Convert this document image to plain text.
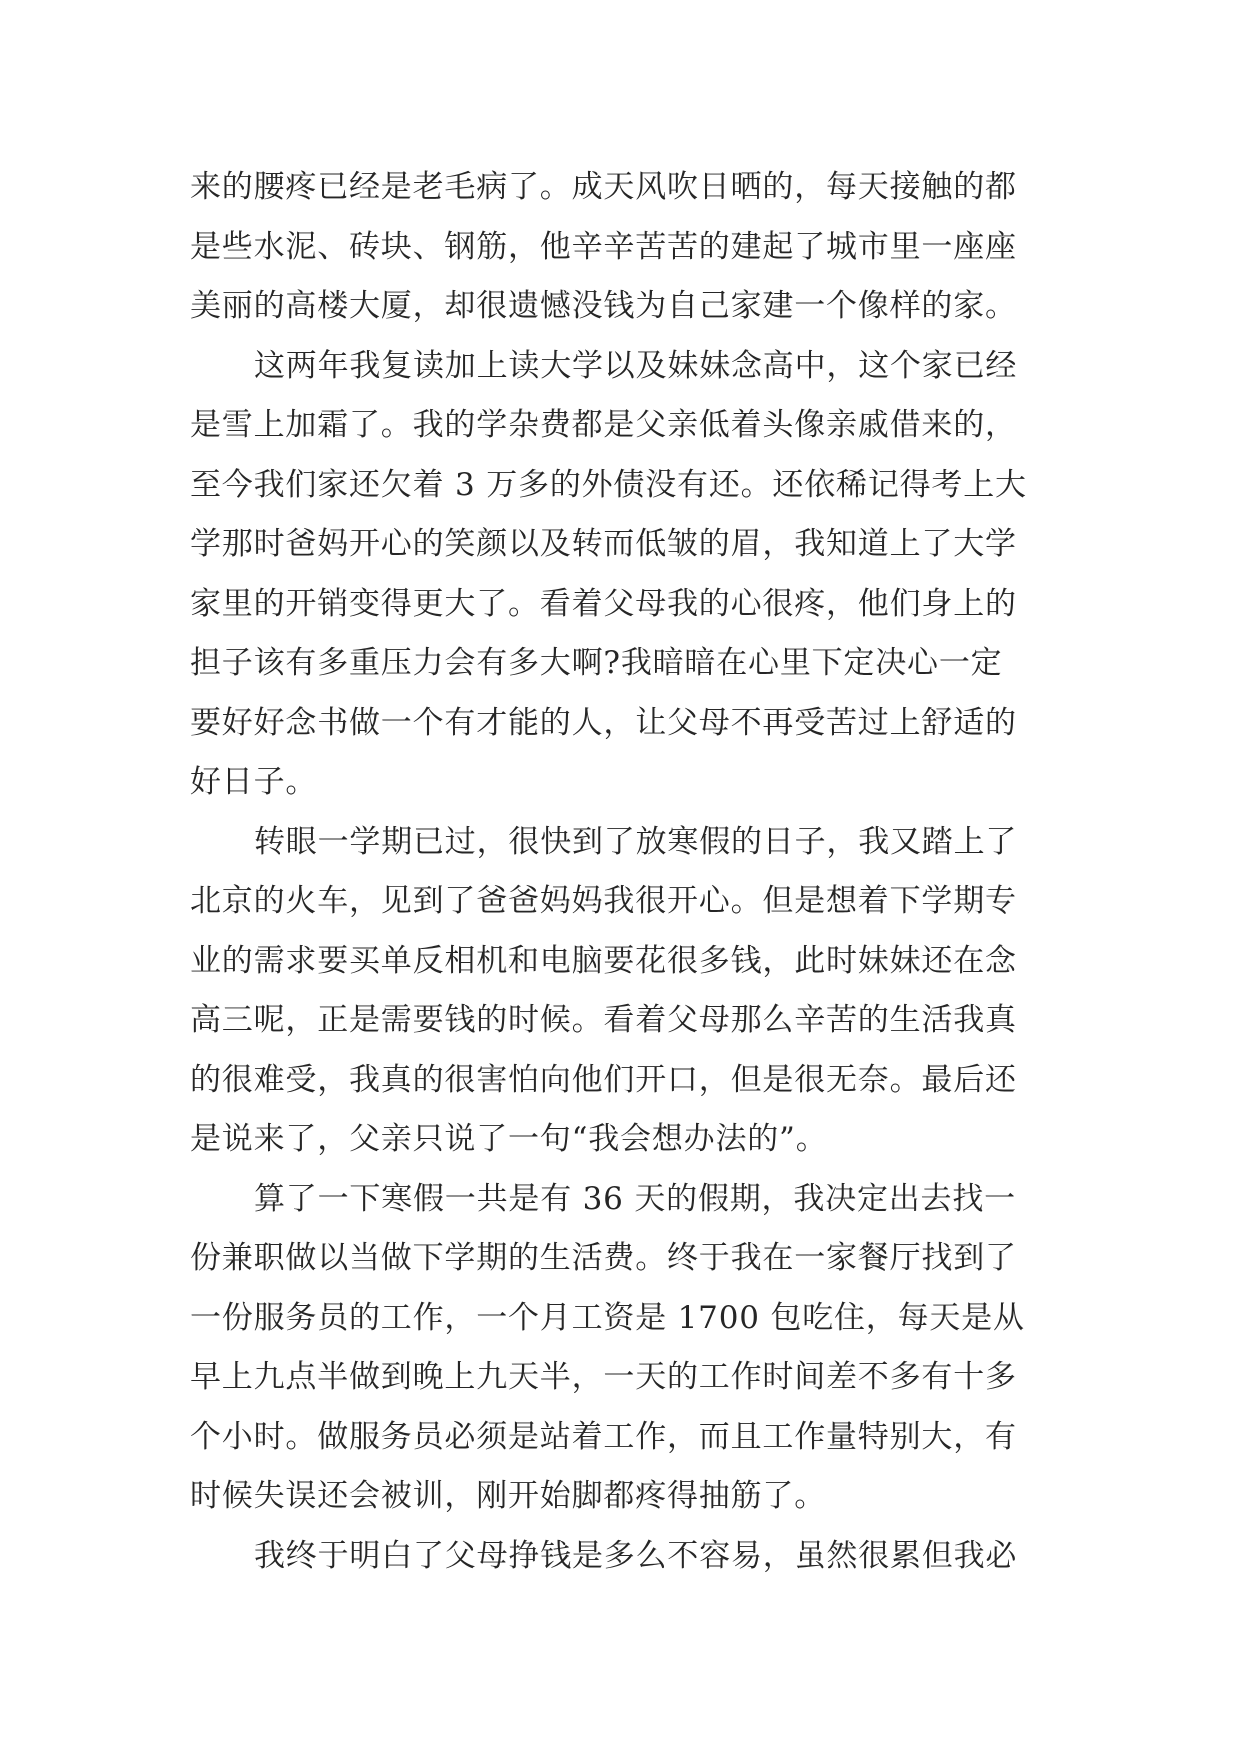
来的腰疼已经是老毛病了。成天风吹日晒的，每天接触的都
是些水泥、砖块、钢筋，他辛辛苦苦的建起了城市里一座座
美丽的高楼大厦，却很遗憾没钱为自己家建一个像样的家。
这两年我复读加上读大学以及妹妹念高中，这个家已经
是雪上加霜了。我的学杂费都是父亲低着头像亲戚借来的，
至今我们家还欠着 3 万多的外债没有还。还依稀记得考上大
学那时爸妈开心的笑颜以及转而低皱的眉，我知道上了大学
家里的开销变得更大了。看着父母我的心很疼，他们身上的
担子该有多重压力会有多大啊?我暗暗在心里下定决心一定
要好好念书做一个有才能的人，让父母不再受苦过上舒适的
好日子。
转眼一学期已过，很快到了放寒假的日子，我又踏上了
北京的火车，见到了爸爸妈妈我很开心。但是想着下学期专
业的需求要买单反相机和电脑要花很多钱，此时妹妹还在念
高三呢，正是需要钱的时候。看着父母那么辛苦的生活我真
的很难受，我真的很害怕向他们开口，但是很无奈。最后还
是说来了，父亲只说了一句“我会想办法的”。
算了一下寒假一共是有 36 天的假期，我决定出去找一
份兼职做以当做下学期的生活费。终于我在一家餐厅找到了
一份服务员的工作，一个月工资是 1700 包吃住，每天是从
早上九点半做到晚上九天半，一天的工作时间差不多有十多
个小时。做服务员必须是站着工作，而且工作量特别大，有
时候失误还会被训，刚开始脚都疼得抽筋了。
我终于明白了父母挣钱是多么不容易，虽然很累但我必
